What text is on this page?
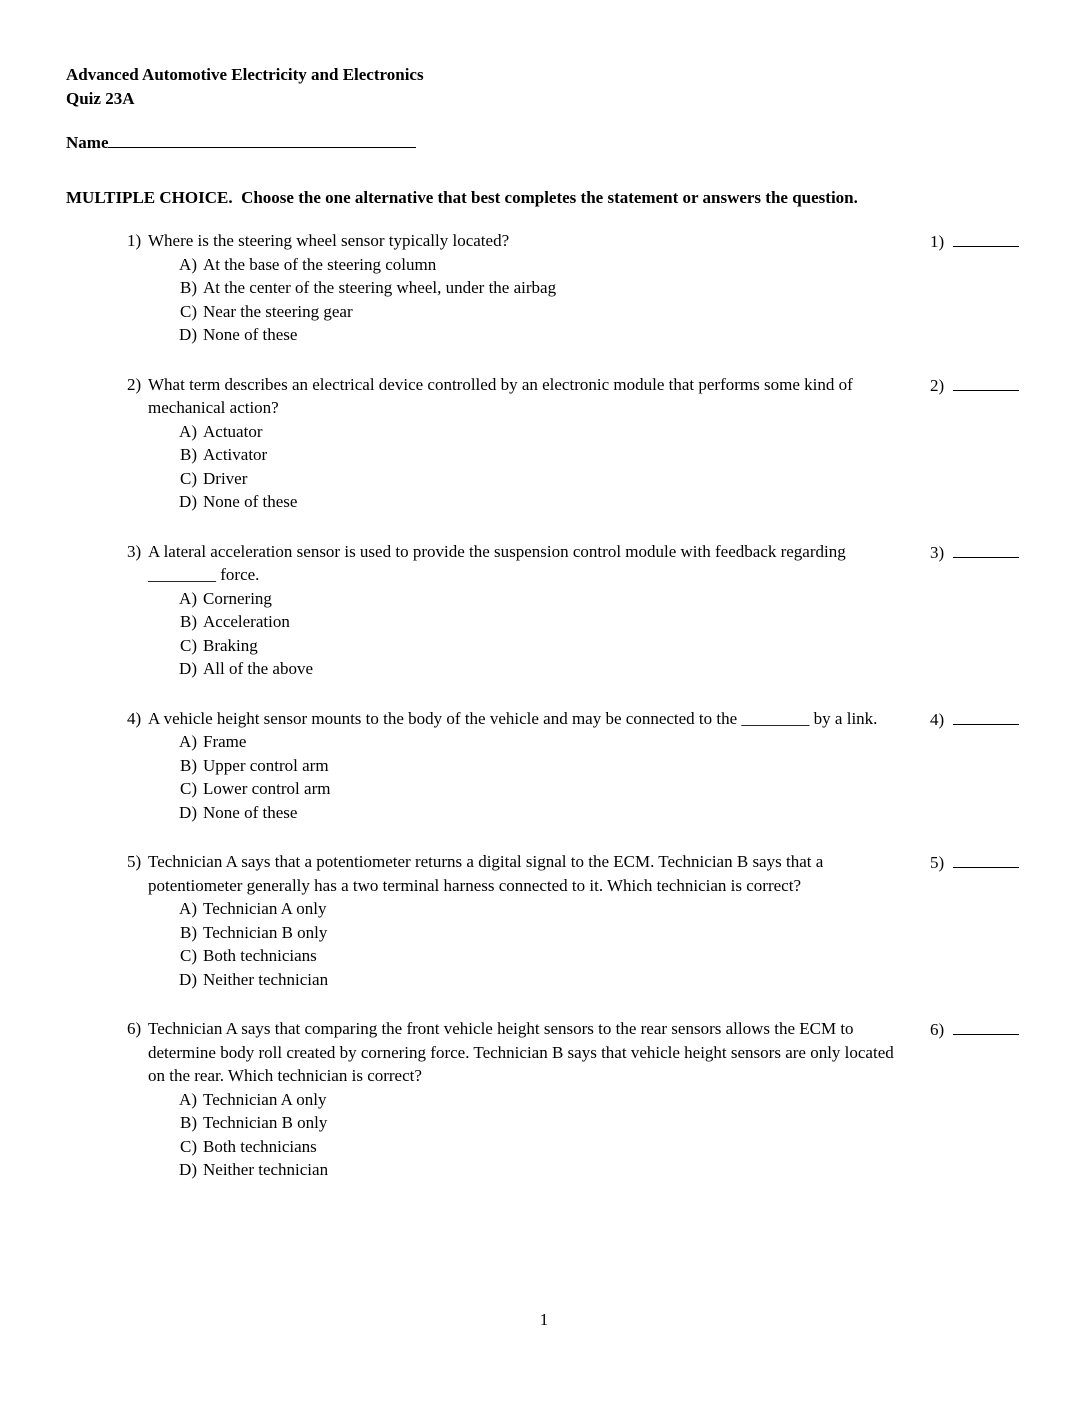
Advanced Automotive Electricity and Electronics
Quiz 23A
Name
MULTIPLE CHOICE.  Choose the one alternative that best completes the statement or answers the question.
1) Where is the steering wheel sensor typically located?
A) At the base of the steering column
B) At the center of the steering wheel, under the airbag
C) Near the steering gear
D) None of these
1)
2) What term describes an electrical device controlled by an electronic module that performs some kind of mechanical action?
A) Actuator
B) Activator
C) Driver
D) None of these
2)
3) A lateral acceleration sensor is used to provide the suspension control module with feedback regarding ________ force.
A) Cornering
B) Acceleration
C) Braking
D) All of the above
3)
4) A vehicle height sensor mounts to the body of the vehicle and may be connected to the ________ by a link.
A) Frame
B) Upper control arm
C) Lower control arm
D) None of these
4)
5) Technician A says that a potentiometer returns a digital signal to the ECM. Technician B says that a potentiometer generally has a two terminal harness connected to it. Which technician is correct?
A) Technician A only
B) Technician B only
C) Both technicians
D) Neither technician
5)
6) Technician A says that comparing the front vehicle height sensors to the rear sensors allows the ECM to determine body roll created by cornering force. Technician B says that vehicle height sensors are only located on the rear. Which technician is correct?
A) Technician A only
B) Technician B only
C) Both technicians
D) Neither technician
6)
1
